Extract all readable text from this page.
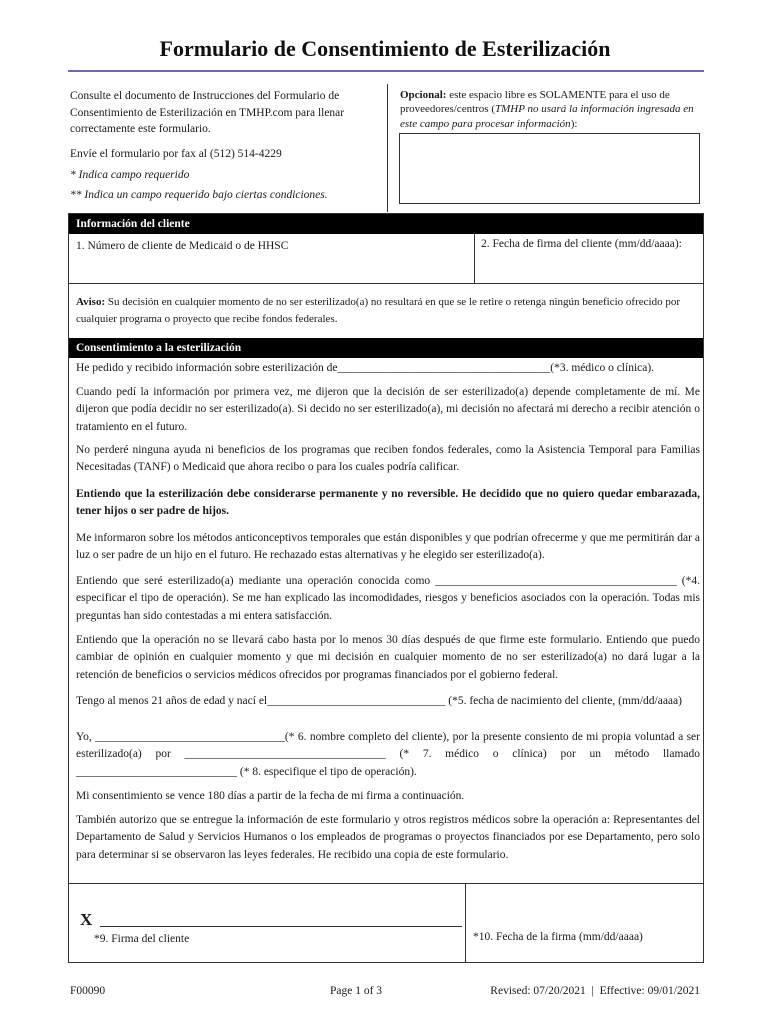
Formulario de Consentimiento de Esterilización

Consulte el documento de Instrucciones del Formulario de Consentimiento de Esterilización en TMHP.com para llenar correctamente este formulario.

Envíe el formulario por fax al (512) 514-4229

* Indica campo requerido

** Indica un campo requerido bajo ciertas condiciones.

Opcional: este espacio libre es SOLAMENTE para el uso de proveedores/centros (TMHP no usará la información ingresada en este campo para procesar información):
Información del cliente
1. Número de cliente de Medicaid o de HHSC	2. Fecha de firma del cliente (mm/dd/aaaa):
Aviso: Su decisión en cualquier momento de no ser esterilizado(a) no resultará en que se le retire o retenga ningún beneficio ofrecido por cualquier programa o proyecto que recibe fondos federales.
Consentimiento a la esterilización
He pedido y recibido información sobre esterilización de_____________________________________(*3. médico o clínica).
Cuando pedí la información por primera vez, me dijeron que la decisión de ser esterilizado(a) depende completamente de mí. Me dijeron que podía decidir no ser esterilizado(a). Si decido no ser esterilizado(a), mi decisión no afectará mi derecho a recibir atención o tratamiento en el futuro.
No perderé ninguna ayuda ni beneficios de los programas que reciben fondos federales, como la Asistencia Temporal para Familias Necesitadas (TANF) o Medicaid que ahora recibo o para los cuales podría calificar.
Entiendo que la esterilización debe considerarse permanente y no reversible. He decidido que no quiero quedar embarazada, tener hijos o ser padre de hijos.
Me informaron sobre los métodos anticonceptivos temporales que están disponibles y que podrían ofrecerme y que me permitirán dar a luz o ser padre de un hijo en el futuro. He rechazado estas alternativas y he elegido ser esterilizado(a).
Entiendo que seré esterilizado(a) mediante una operación conocida como __________________________________________ (*4. especificar el tipo de operación). Se me han explicado las incomodidades, riesgos y beneficios asociados con la operación. Todas mis preguntas han sido contestadas a mi entera satisfacción.
Entiendo que la operación no se llevará cabo hasta por lo menos 30 días después de que firme este formulario. Entiendo que puedo cambiar de opinión en cualquier momento y que mi decisión en cualquier momento de no ser esterilizado(a) no dará lugar a la retención de beneficios o servicios médicos ofrecidos por programas financiados por el gobierno federal.
Tengo al menos 21 años de edad y nací el_______________________________ (*5. fecha de nacimiento del cliente, (mm/dd/aaaa)
Yo, _________________________________(* 6. nombre completo del cliente), por la presente consiento de mi propia voluntad a ser esterilizado(a) por ___________________________________ (* 7. médico o clínica) por un método llamado ____________________________ (* 8. especifique el tipo de operación).
Mi consentimiento se vence 180 días a partir de la fecha de mi firma a continuación.
También autorizo que se entregue la información de este formulario y otros registros médicos sobre la operación a: Representantes del Departamento de Salud y Servicios Humanos o los empleados de programas o proyectos financiados por ese Departamento, pero solo para determinar si se observaron las leyes federales. He recibido una copia de este formulario.
X
*9. Firma del cliente	*10. Fecha de la firma (mm/dd/aaaa)
F00090	Page 1 of 3	Revised: 07/20/2021  |  Effective: 09/01/2021
